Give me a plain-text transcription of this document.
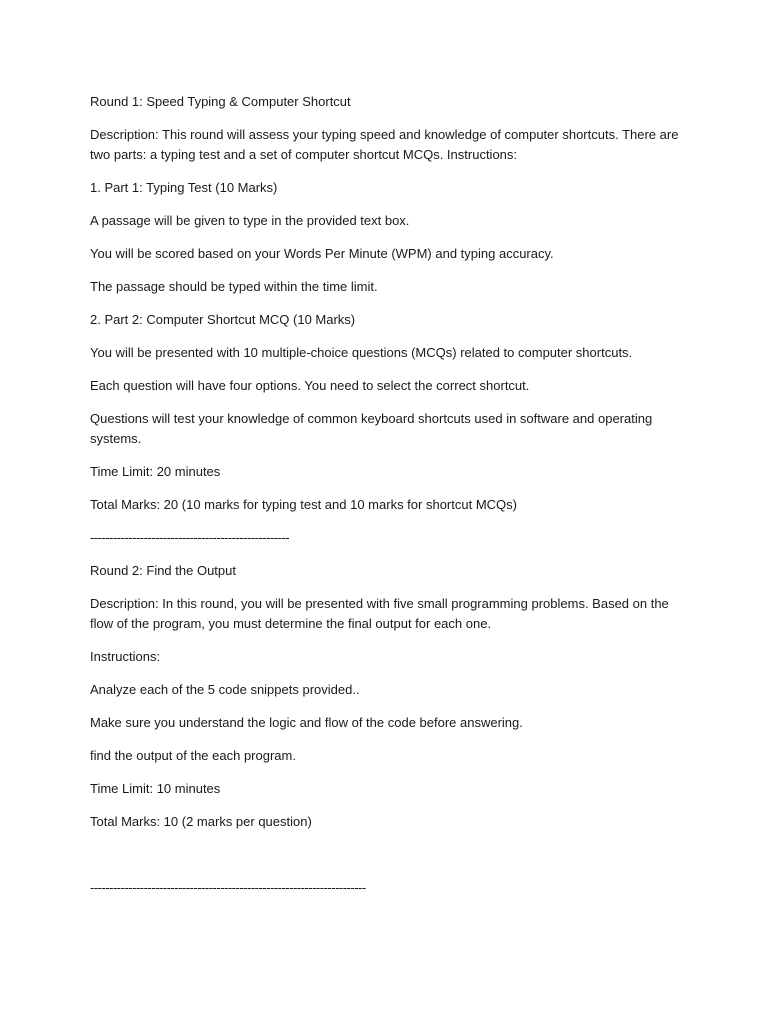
Round 1: Speed Typing & Computer Shortcut

Description: This round will assess your typing speed and knowledge of computer shortcuts. There are two parts: a typing test and a set of computer shortcut MCQs. Instructions:

1. Part 1: Typing Test (10 Marks)

A passage will be given to type in the provided text box.

You will be scored based on your Words Per Minute (WPM) and typing accuracy.

The passage should be typed within the time limit.

2. Part 2: Computer Shortcut MCQ (10 Marks)

You will be presented with 10 multiple-choice questions (MCQs) related to computer shortcuts.

Each question will have four options. You need to select the correct shortcut.

Questions will test your knowledge of common keyboard shortcuts used in software and operating systems.

Time Limit: 20 minutes

Total Marks: 20 (10 marks for typing test and 10 marks for shortcut MCQs)

----------------------------------------------------

Round 2: Find the Output

Description: In this round, you will be presented with five small programming problems. Based on the flow of the program, you must determine the final output for each one.

Instructions:

Analyze each of the 5 code snippets provided..

Make sure you understand the logic and flow of the code before answering.

find the output of the each program.

Time Limit: 10 minutes

Total Marks: 10 (2 marks per question)

------------------------------------------------------------------------
